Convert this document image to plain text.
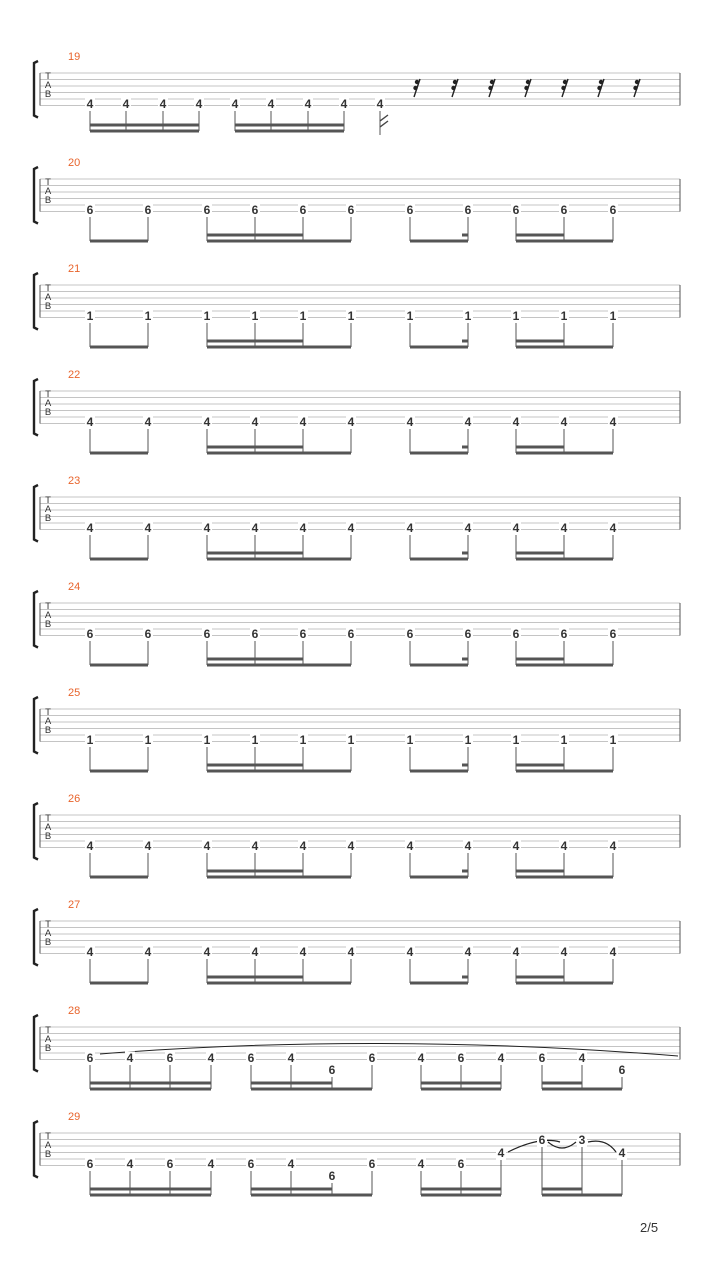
T
A
B
19
4 4	4 4 4 4	4 4 4
T
A
B
20
6	6	6	6	6	6	6	6	6	6	6
T
A
B
21
1	1	1	1	1	1	1	1	1	1	1
T
A
B
22
4	4	4	4	4	4	4	4	4	4	4
T
A
B
23
4	4	4	4	4	4	4	4	4	4	4
T
A
B
24
6	6	6	6	6	6	6	6	6	6	6
T
A
B
25
1	1	1	1	1	1	1	1	1	1	1
T
A
B
26
4	4	4	4	4	4	4	4	4	4	4
T
A
B
27
4	4	4	4	4	4	4	4	4	4	4
T
A
B
28
6	4	6	4	6	4
6
6	4	6	4	6	4
6
T
A
B
29
6	4	6	4	6	4
6
6	4	6
4
6	3
4
2/5
